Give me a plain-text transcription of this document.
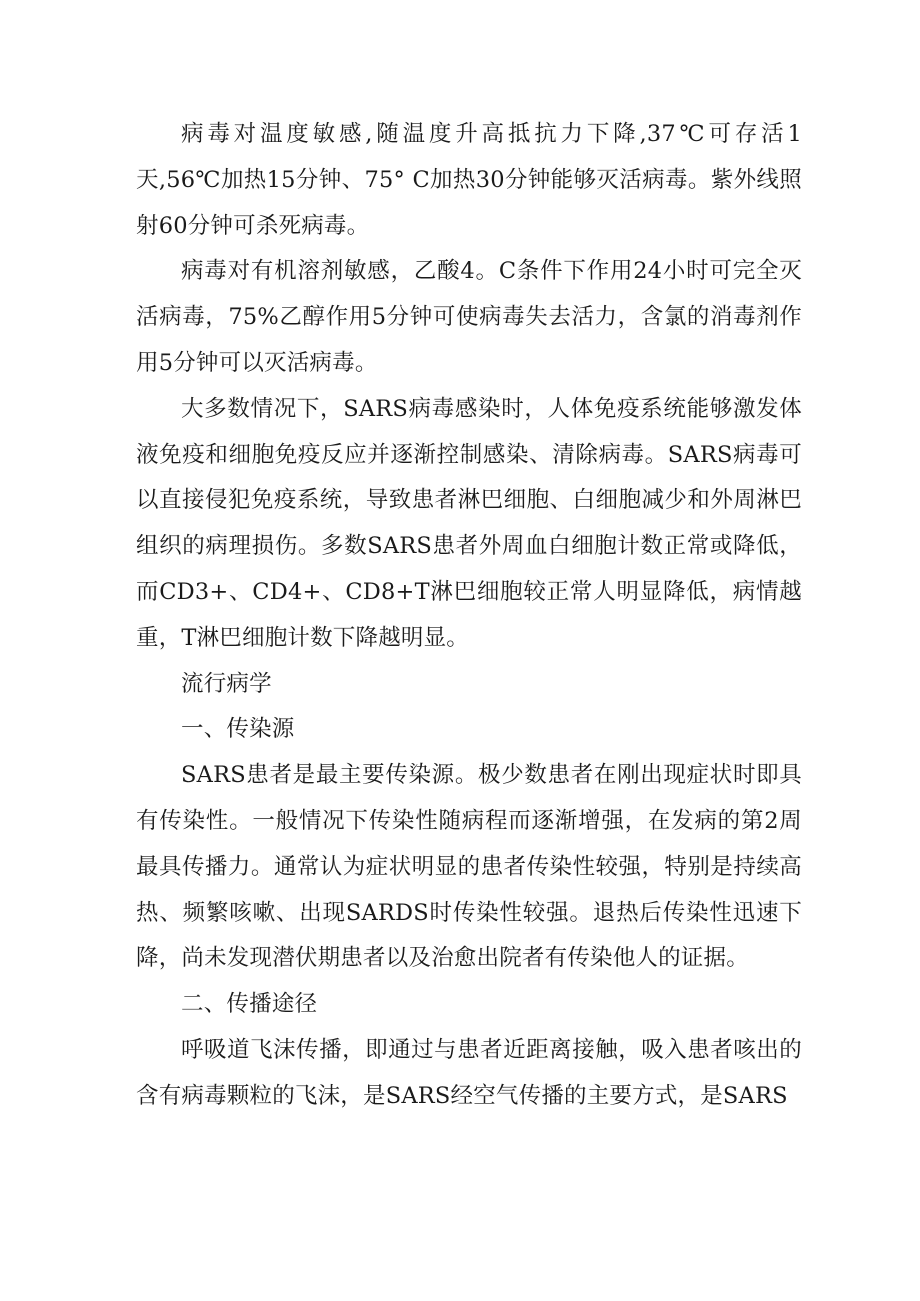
病毒对温度敏感,随温度升高抵抗力下降,37℃可存活1天,56℃加热15分钟、75° C加热30分钟能够灭活病毒。紫外线照射60分钟可杀死病毒。

病毒对有机溶剂敏感，乙酸4。C条件下作用24小时可完全灭活病毒，75%乙醇作用5分钟可使病毒失去活力，含氯的消毒剂作用5分钟可以灭活病毒。

大多数情况下，SARS病毒感染时，人体免疫系统能够激发体液免疫和细胞免疫反应并逐渐控制感染、清除病毒。SARS病毒可以直接侵犯免疫系统，导致患者淋巴细胞、白细胞减少和外周淋巴组织的病理损伤。多数SARS患者外周血白细胞计数正常或降低，而CD3+、CD4+、CD8+T淋巴细胞较正常人明显降低，病情越重，T淋巴细胞计数下降越明显。

流行病学

一、传染源

SARS患者是最主要传染源。极少数患者在刚出现症状时即具有传染性。一般情况下传染性随病程而逐渐增强，在发病的第2周最具传播力。通常认为症状明显的患者传染性较强，特别是持续高热、频繁咳嗽、出现SARDS时传染性较强。退热后传染性迅速下降，尚未发现潜伏期患者以及治愈出院者有传染他人的证据。

二、传播途径

呼吸道飞沫传播，即通过与患者近距离接触，吸入患者咳出的含有病毒颗粒的飞沫，是SARS经空气传播的主要方式，是SARS
